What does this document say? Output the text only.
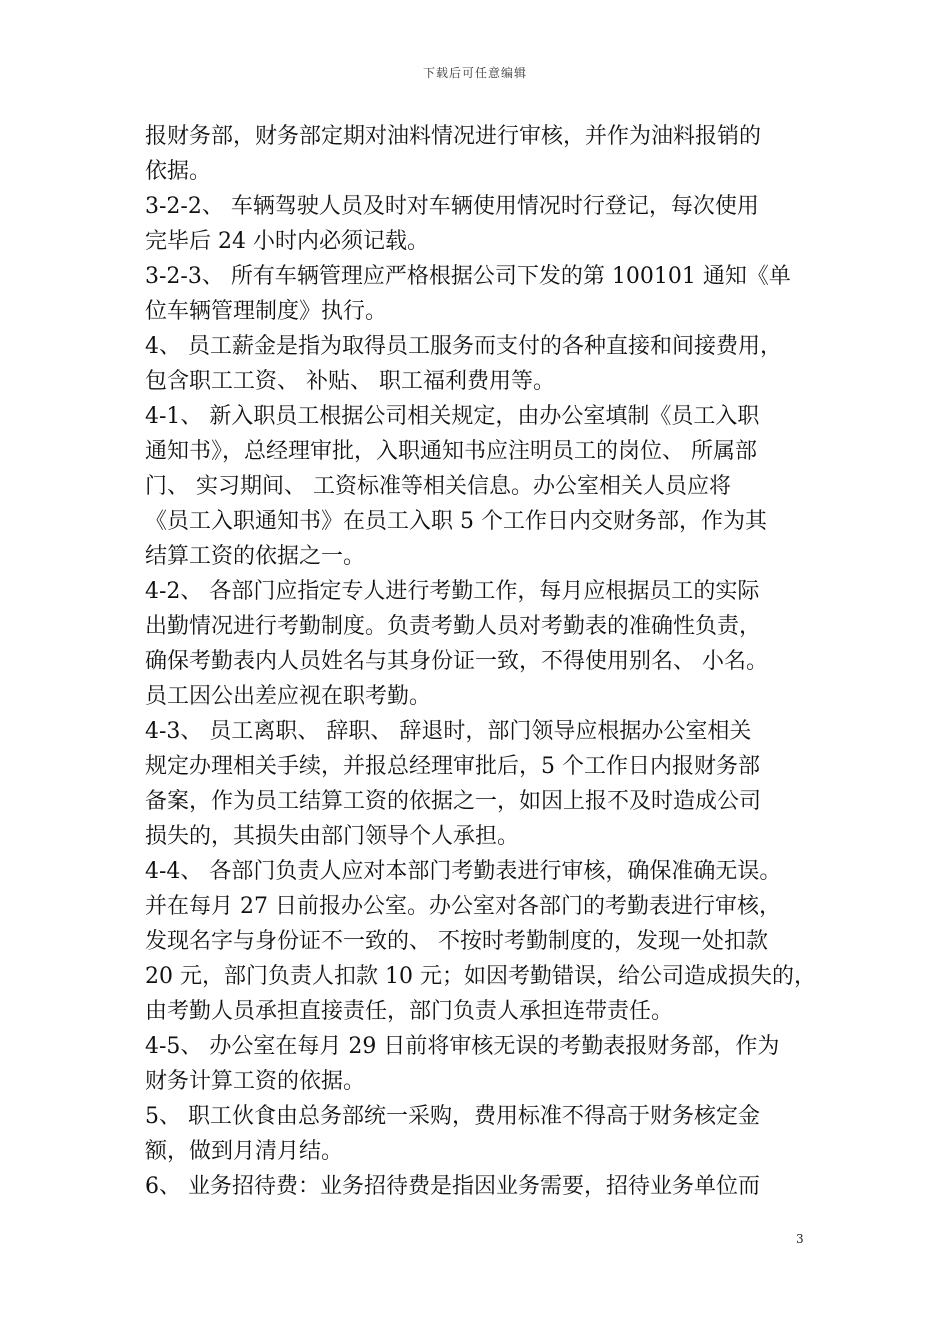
下载后可任意编辑
报财务部，财务部定期对油料情况进行审核，并作为油料报销的
依据。
3-2-2、 车辆驾驶人员及时对车辆使用情况时行登记，每次使用
完毕后 24 小时内必须记载。
3-2-3、 所有车辆管理应严格根据公司下发的第 100101 通知《单
位车辆管理制度》执行。
4、 员工薪金是指为取得员工服务而支付的各种直接和间接费用，
包含职工工资、 补贴、 职工福利费用等。
4-1、 新入职员工根据公司相关规定，由办公室填制《员工入职
通知书》，总经理审批，入职通知书应注明员工的岗位、 所属部
门、 实习期间、 工资标准等相关信息。办公室相关人员应将
《员工入职通知书》在员工入职 5 个工作日内交财务部，作为其
结算工资的依据之一。
4-2、 各部门应指定专人进行考勤工作，每月应根据员工的实际
出勤情况进行考勤制度。负责考勤人员对考勤表的准确性负责，
确保考勤表内人员姓名与其身份证一致，不得使用别名、 小名。
员工因公出差应视在职考勤。
4-3、 员工离职、 辞职、 辞退时，部门领导应根据办公室相关
规定办理相关手续，并报总经理审批后，5 个工作日内报财务部
备案，作为员工结算工资的依据之一，如因上报不及时造成公司
损失的，其损失由部门领导个人承担。
4-4、 各部门负责人应对本部门考勤表进行审核，确保准确无误。
并在每月 27 日前报办公室。办公室对各部门的考勤表进行审核，
发现名字与身份证不一致的、 不按时考勤制度的，发现一处扣款
20 元，部门负责人扣款 10 元；如因考勤错误，给公司造成损失的，
由考勤人员承担直接责任，部门负责人承担连带责任。
4-5、 办公室在每月 29 日前将审核无误的考勤表报财务部，作为
财务计算工资的依据。
5、 职工伙食由总务部统一采购，费用标准不得高于财务核定金
额，做到月清月结。
6、 业务招待费：业务招待费是指因业务需要，招待业务单位而
3
